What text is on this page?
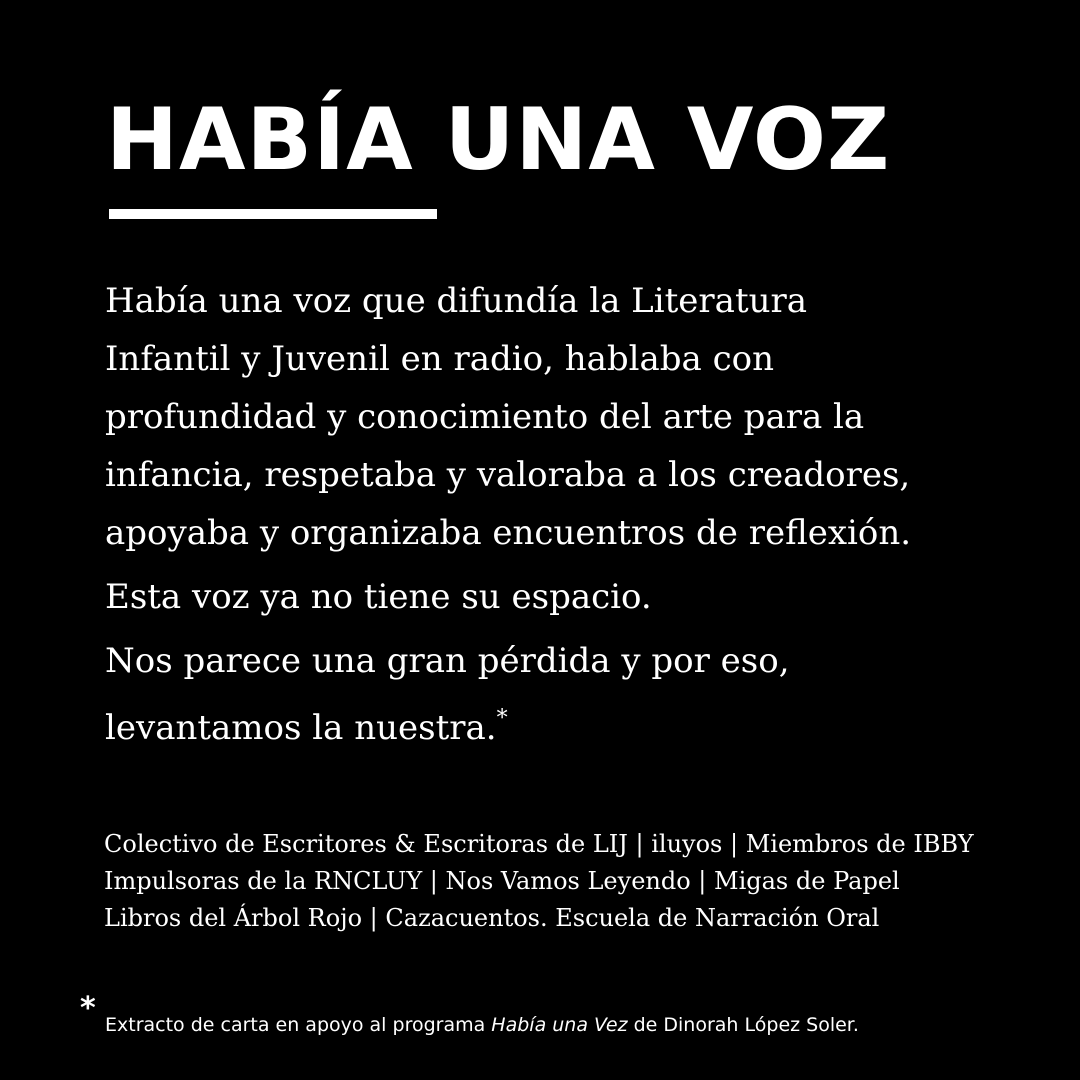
HABÍA UNA VOZ

Había una voz que difundía la Literatura
Infantil y Juvenil en radio, hablaba con
profundidad y conocimiento del arte para la
infancia, respetaba y valoraba a los creadores,
apoyaba y organizaba encuentros de reflexión.

Esta voz ya no tiene su espacio.

Nos parece una gran pérdida y por eso,
levantamos la nuestra.*

Colectivo de Escritores & Escritoras de LIJ | iluyos | Miembros de IBBY
Impulsoras de la RNCLUY | Nos Vamos Leyendo | Migas de Papel
Libros del Árbol Rojo | Cazacuentos. Escuela de Narración Oral
* Extracto de carta en apoyo al programa Había una Vez de Dinorah López Soler.
